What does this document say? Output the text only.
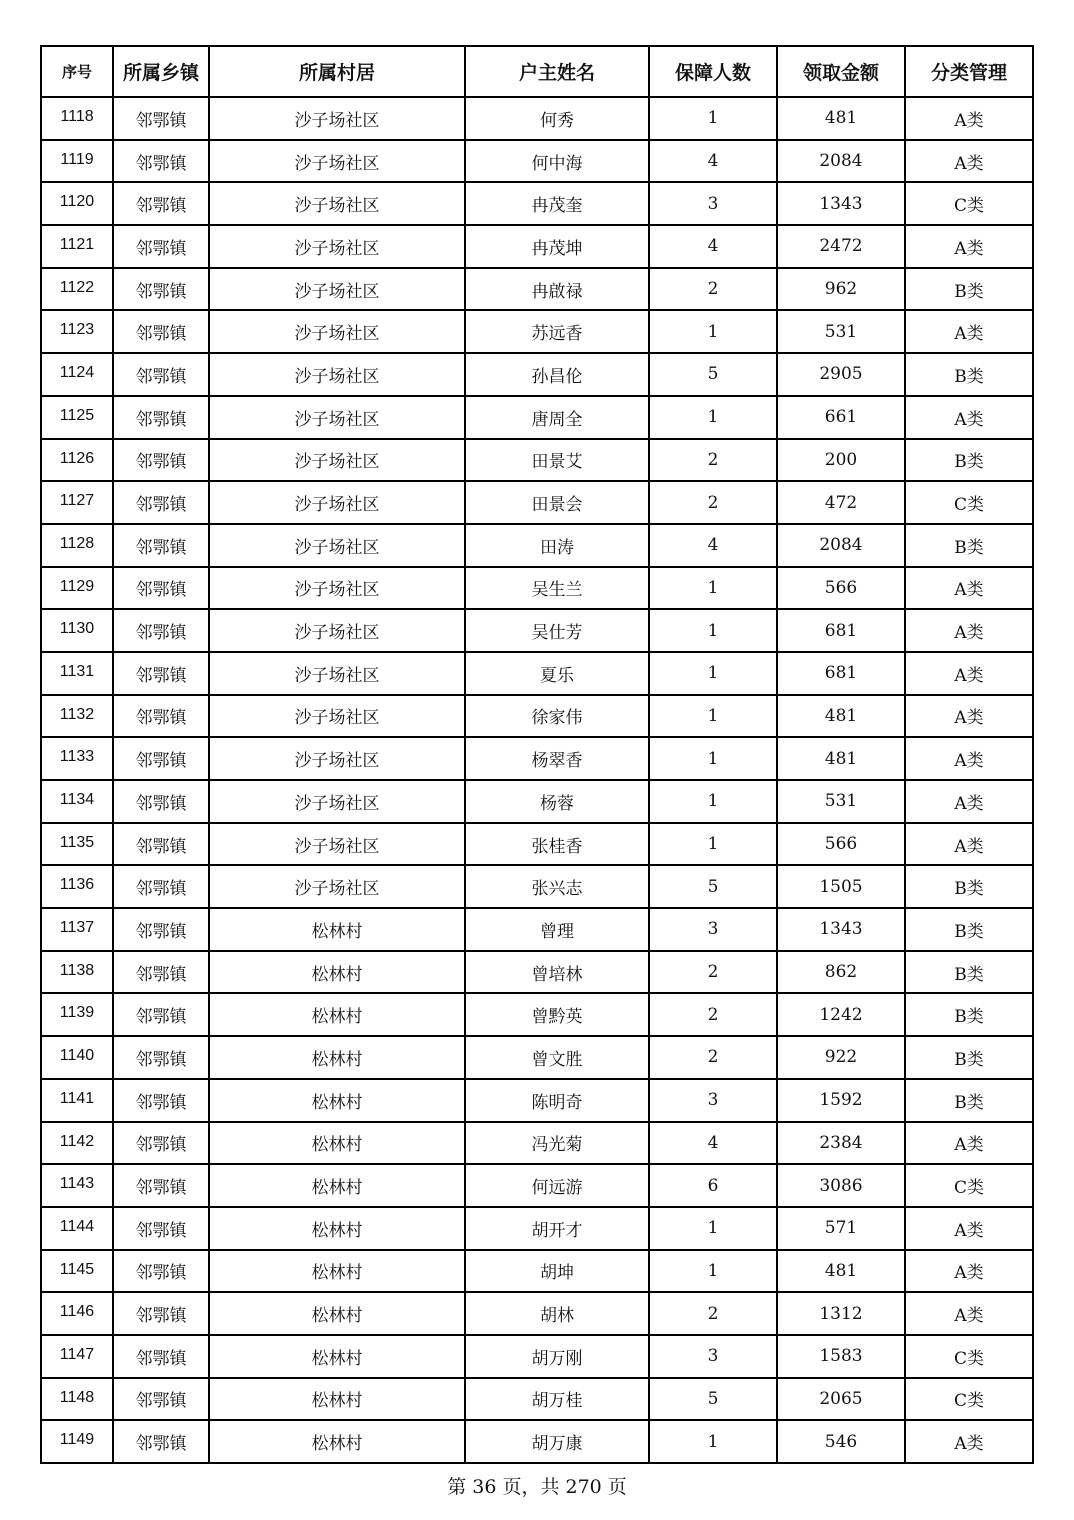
序号	所属乡镇	所属村居	户主姓名	保障人数	领取金额	分类管理
1118	邻鄂镇	沙子场社区	何秀	1	481	A类
1119	邻鄂镇	沙子场社区	何中海	4	2084	A类
1120	邻鄂镇	沙子场社区	冉茂奎	3	1343	C类
1121	邻鄂镇	沙子场社区	冉茂坤	4	2472	A类
1122	邻鄂镇	沙子场社区	冉啟禄	2	962	B类
1123	邻鄂镇	沙子场社区	苏远香	1	531	A类
1124	邻鄂镇	沙子场社区	孙昌伦	5	2905	B类
1125	邻鄂镇	沙子场社区	唐周全	1	661	A类
1126	邻鄂镇	沙子场社区	田景艾	2	200	B类
1127	邻鄂镇	沙子场社区	田景会	2	472	C类
1128	邻鄂镇	沙子场社区	田涛	4	2084	B类
1129	邻鄂镇	沙子场社区	吴生兰	1	566	A类
1130	邻鄂镇	沙子场社区	吴仕芳	1	681	A类
1131	邻鄂镇	沙子场社区	夏乐	1	681	A类
1132	邻鄂镇	沙子场社区	徐家伟	1	481	A类
1133	邻鄂镇	沙子场社区	杨翠香	1	481	A类
1134	邻鄂镇	沙子场社区	杨蓉	1	531	A类
1135	邻鄂镇	沙子场社区	张桂香	1	566	A类
1136	邻鄂镇	沙子场社区	张兴志	5	1505	B类
1137	邻鄂镇	松林村	曾理	3	1343	B类
1138	邻鄂镇	松林村	曾培林	2	862	B类
1139	邻鄂镇	松林村	曾黔英	2	1242	B类
1140	邻鄂镇	松林村	曾文胜	2	922	B类
1141	邻鄂镇	松林村	陈明奇	3	1592	B类
1142	邻鄂镇	松林村	冯光菊	4	2384	A类
1143	邻鄂镇	松林村	何远游	6	3086	C类
1144	邻鄂镇	松林村	胡开才	1	571	A类
1145	邻鄂镇	松林村	胡坤	1	481	A类
1146	邻鄂镇	松林村	胡林	2	1312	A类
1147	邻鄂镇	松林村	胡万刚	3	1583	C类
1148	邻鄂镇	松林村	胡万桂	5	2065	C类
1149	邻鄂镇	松林村	胡万康	1	546	A类
第 36 页，共 270 页
